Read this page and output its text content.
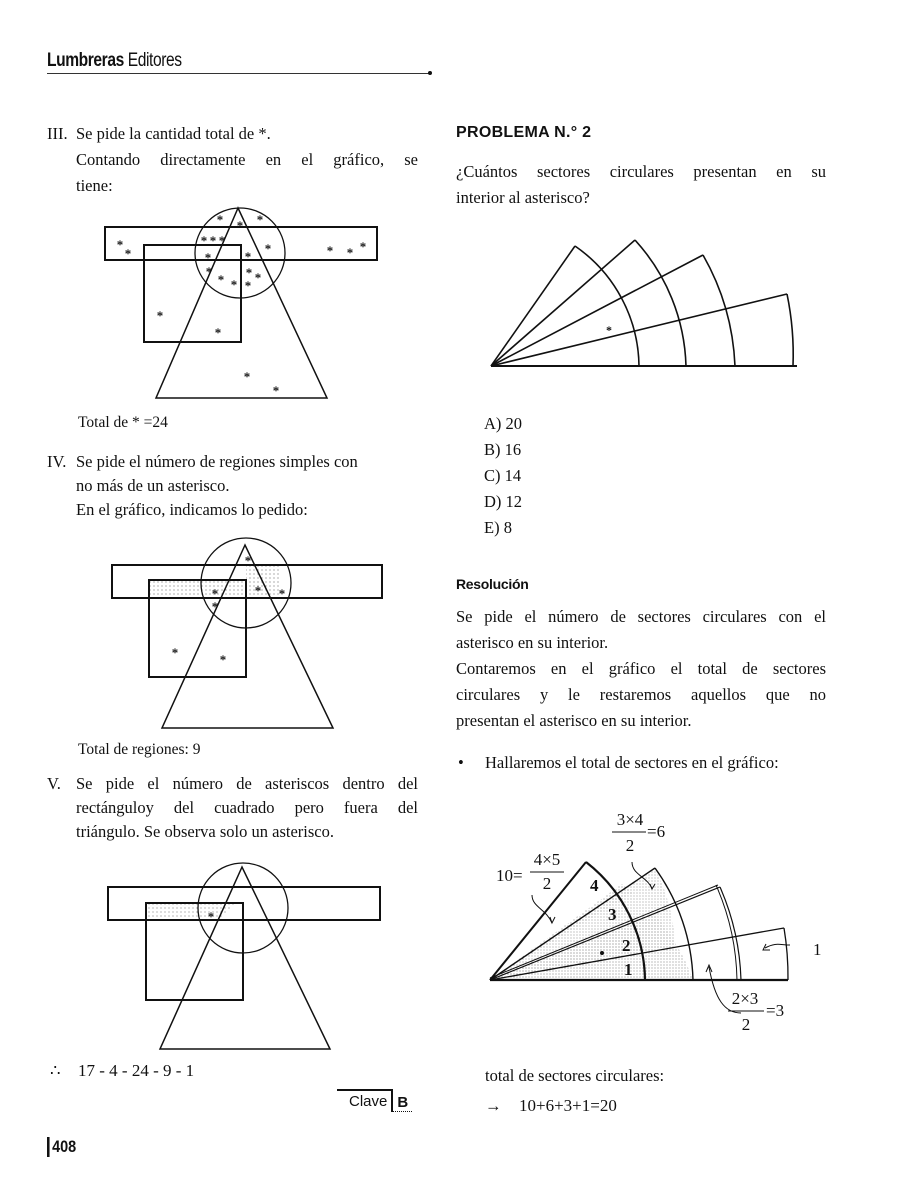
Lumbreras Editores
III. Se pide la cantidad total de *.
Contando directamente en el gráfico, se
tiene:
* * *
* * *
*
*	*
*	* *
* * *
*
*	* * *
*
*
*
*
Total de * =24
IV. Se pide el número de regiones simples con
no más de un asterisco.
En el gráfico, indicamos lo pedido:
*
*	* *
*
*	*
Total de regiones: 9
V. Se pide el número de asteriscos dentro del
rectánguloy del cuadrado pero fuera del
triángulo. Se observa solo un asterisco.
*
∴ 17 - 4 - 24 - 9 - 1
Clave B
408
PROBLEMA N.° 2
¿Cuántos sectores circulares presentan en su
interior al asterisco?
*
A) 20
B) 16
C) 14
D) 12
E) 8
Resolución
Se pide el número de sectores circulares con el
asterisco en su interior.
Contaremos en el gráfico el total de sectores
circulares y le restaremos aquellos que no
presentan el asterisco en su interior.
• Hallaremos el total de sectores en el gráfico:
10=
4×5
2
3×4
2
=6
2×3
2
=3
1
4
3
2
1
total de sectores circulares:
→ 10+6+3+1=20
